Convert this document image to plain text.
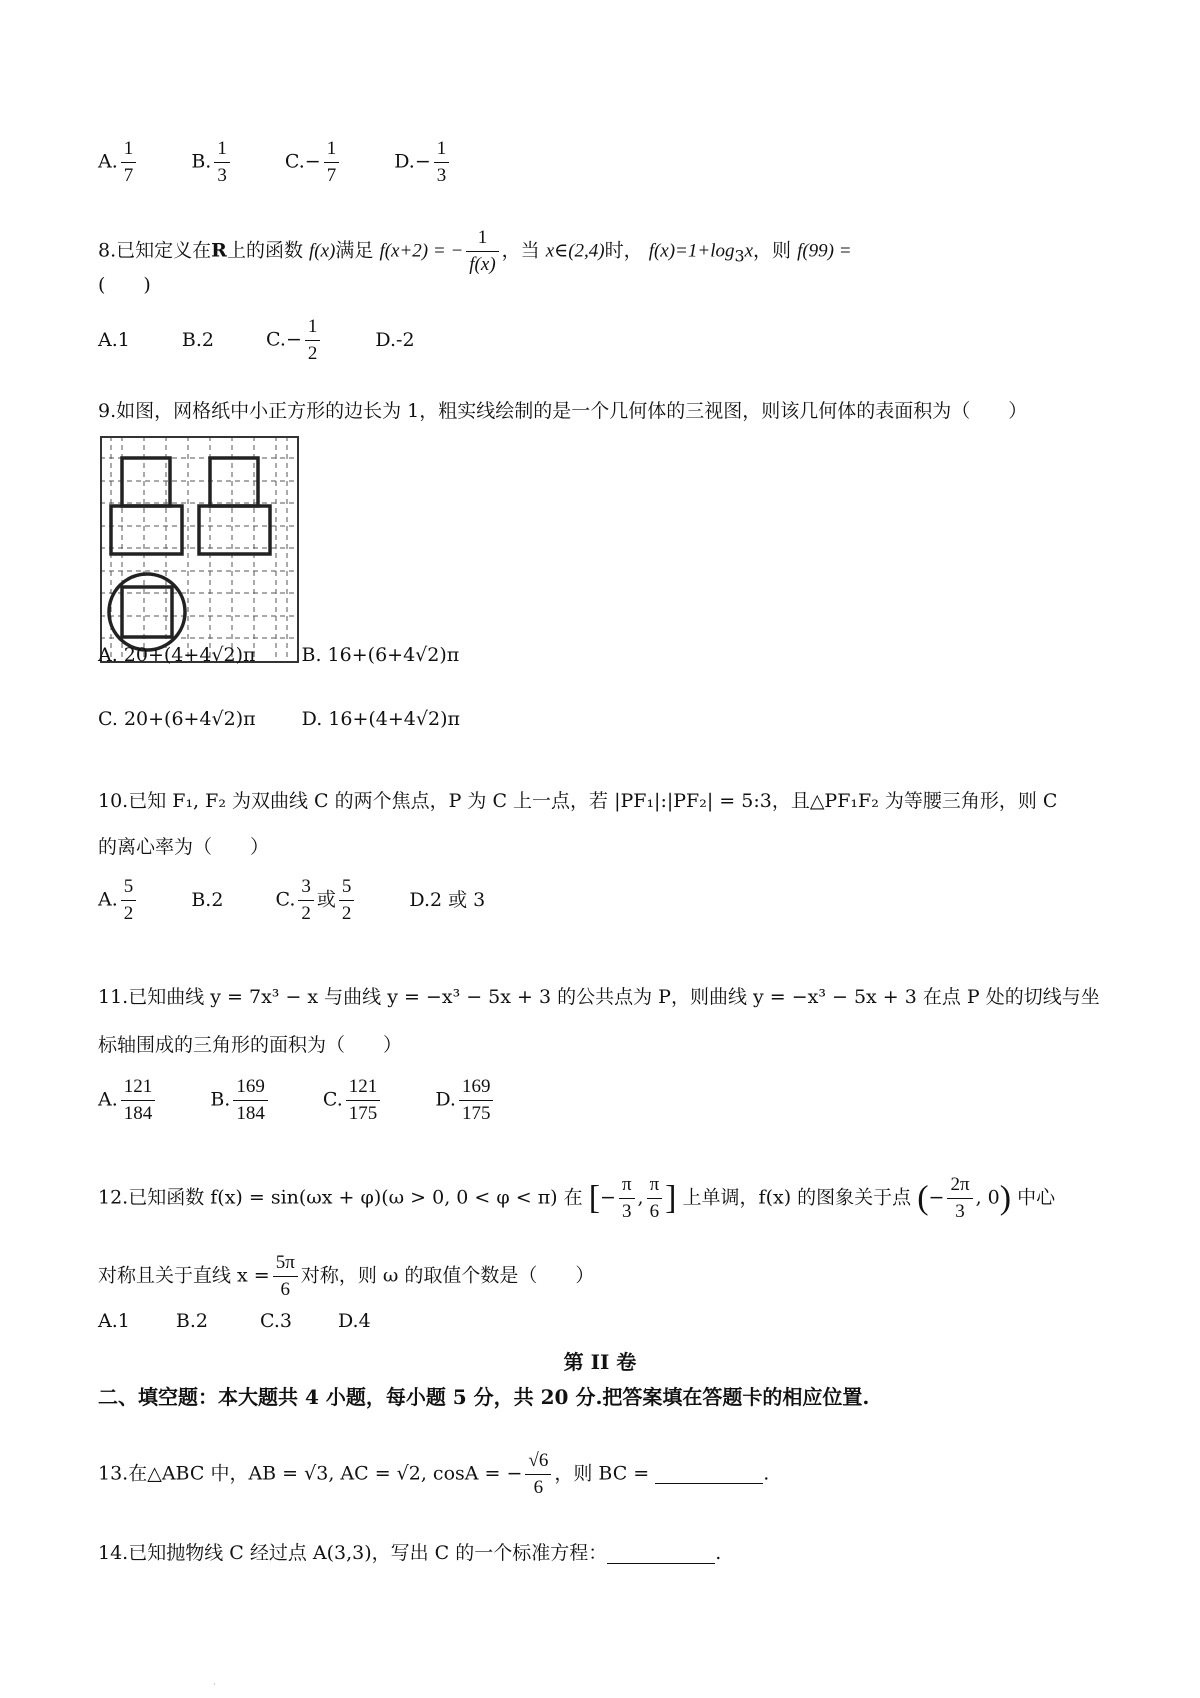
A. $\frac{1}{7}$	B. $\frac{1}{3}$	$C.- \frac{1}{7}$	$D.- \frac{1}{3}$
8.已知定义在R上的函数 f(x)满足 f(x+2) = − $\frac{1}{f(x)}$ ，当 x∈(2,4)时， $f(x)=1+\log_3x$，则 f(99) =
(　　)
A.1	B.2	$C.- \frac{1}{2}$	D.-2
9.如图，网格纸中小正方形的边长为 1，粗实线绘制的是一个几何体的三视图，则该几何体的表面积为（　　）
A. 20+(4+4√2)π B. 16+(6+4√2)π
C. 20+(6+4√2)π D. 16+(4+4√2)π
10.已知 F₁, F₂ 为双曲线 C 的两个焦点，P 为 C 上一点，若 |PF₁|:|PF₂| = 5:3，且△PF₁F₂ 为等腰三角形，则 C
的离心率为（　　）
A. $\frac{5}{2}$	B.2	C. $\frac{3}{2}$ 或 $\frac{5}{2}$	D.2 或 3
11.已知曲线 y = 7x³ − x 与曲线 y = −x³ − 5x + 3 的公共点为 P，则曲线 y = −x³ − 5x + 3 在点 P 处的切线与坐
标轴围成的三角形的面积为（　　）
A. $\frac{121}{184}$	B. $\frac{169}{184}$	C. $\frac{121}{175}$	D. $\frac{169}{175}$
12.已知函数 f(x) = sin(ωx + φ)(ω > 0, 0 < φ < π) 在 [− $\frac{\pi}{3}$ , $\frac{\pi}{6}$ ] 上单调，f(x) 的图象关于点 (− $\frac{2\pi}{3}$ , 0) 中心
对称且关于直线 $x = \frac{5\pi}{6}$ 对称，则 ω 的取值个数是（　　）
A.1 B.2	C.3 D.4
第 II 卷
二、填空题：本大题共 4 小题，每小题 5 分，共 20 分.把答案填在答题卡的相应位置.
13.在△ABC 中，AB = √3, AC = √2, cosA = − $\frac{√6}{6}$ ，则 BC =	.
14.已知抛物线 C 经过点 A(3,3)，写出 C 的一个标准方程：	.
·
